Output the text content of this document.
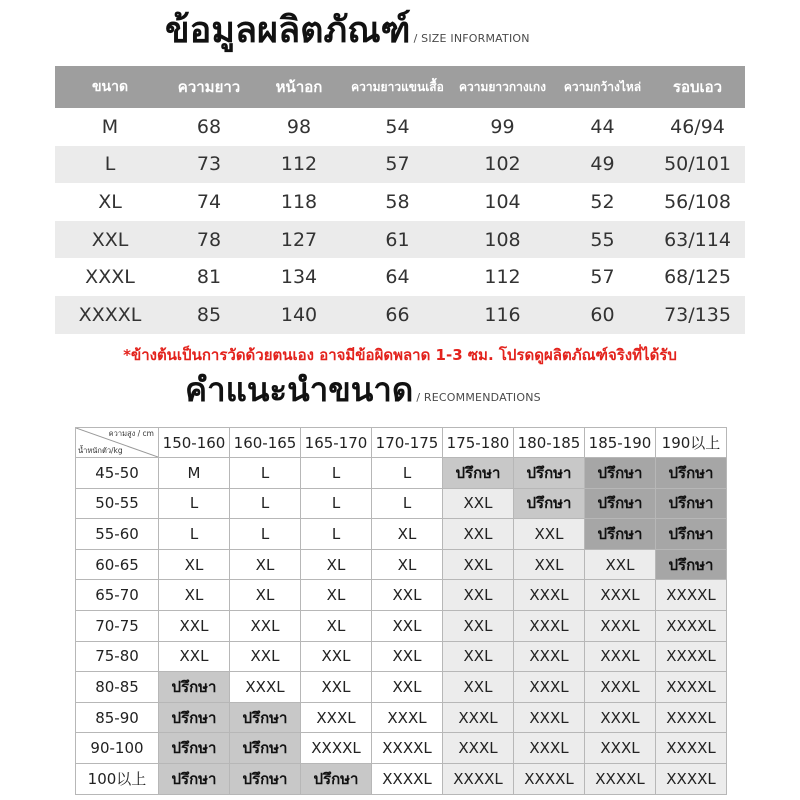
ข้อมูลผลิตภัณฑ์ / SIZE INFORMATION
ขนาด	ความยาว	หน้าอก	ความยาวแขนเสื้อ	ความยาวกางเกง	ความกว้างไหล่	รอบเอว
M	68	98	54	99	44	46/94
L	73	112	57	102	49	50/101
XL	74	118	58	104	52	56/108
XXL	78	127	61	108	55	63/114
XXXL	81	134	64	112	57	68/125
XXXXL	85	140	66	116	60	73/135
*ข้างต้นเป็นการวัดด้วยตนเอง อาจมีข้อผิดพลาด 1-3 ซม. โปรดดูผลิตภัณฑ์จริงที่ได้รับ
คำแนะนำขนาด / RECOMMENDATIONS
ความสูง / cm
น้ำหนักตัว/kg	150-160 160-165 165-170 170-175 175-180 180-185 185-190 190以上
45-50	M	L	L	L	ปรึกษา	ปรึกษา	ปรึกษา	ปรึกษา
50-55	L	L	L	L	XXL	ปรึกษา	ปรึกษา	ปรึกษา
55-60	L	L	L	XL	XXL	XXL	ปรึกษา	ปรึกษา
60-65	XL	XL	XL	XL	XXL	XXL	XXL	ปรึกษา
65-70	XL	XL	XL	XXL	XXL	XXXL	XXXL	XXXXL
70-75	XXL	XXL	XL	XXL	XXL	XXXL	XXXL	XXXXL
75-80	XXL	XXL	XXL	XXL	XXL	XXXL	XXXL	XXXXL
80-85	ปรึกษา	XXXL	XXL	XXL	XXL	XXXL	XXXL	XXXXL
85-90	ปรึกษา	ปรึกษา	XXXL	XXXL	XXXL	XXXL	XXXL	XXXXL
90-100	ปรึกษา	ปรึกษา	XXXXL	XXXXL	XXXL	XXXL	XXXL	XXXXL
100以上	ปรึกษา	ปรึกษา	ปรึกษา	XXXXL	XXXXL	XXXXL	XXXXL	XXXXL
